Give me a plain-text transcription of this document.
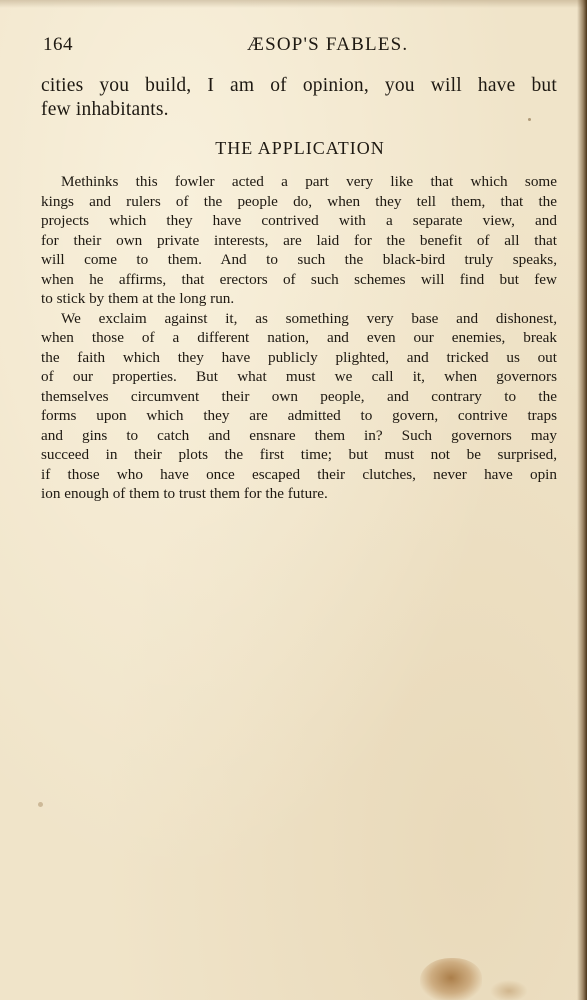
164	ÆSOP'S FABLES.
cities you build, I am of opinion, you will have but
few inhabitants.
THE APPLICATION
Methinks this fowler acted a part very like that which some
kings and rulers of the people do, when they tell them, that the
projects which they have contrived with a separate view, and
for their own private interests, are laid for the benefit of all that
will come to them. And to such the black-bird truly speaks,
when he affirms, that erectors of such schemes will find but few
to stick by them at the long run.
We exclaim against it, as something very base and dishonest,
when those of a different nation, and even our enemies, break
the faith which they have publicly plighted, and tricked us out
of our properties. But what must we call it, when governors
themselves circumvent their own people, and contrary to the
forms upon which they are admitted to govern, contrive traps
and gins to catch and ensnare them in? Such governors may
succeed in their plots the first time; but must not be surprised,
if those who have once escaped their clutches, never have opin
ion enough of them to trust them for the future.
